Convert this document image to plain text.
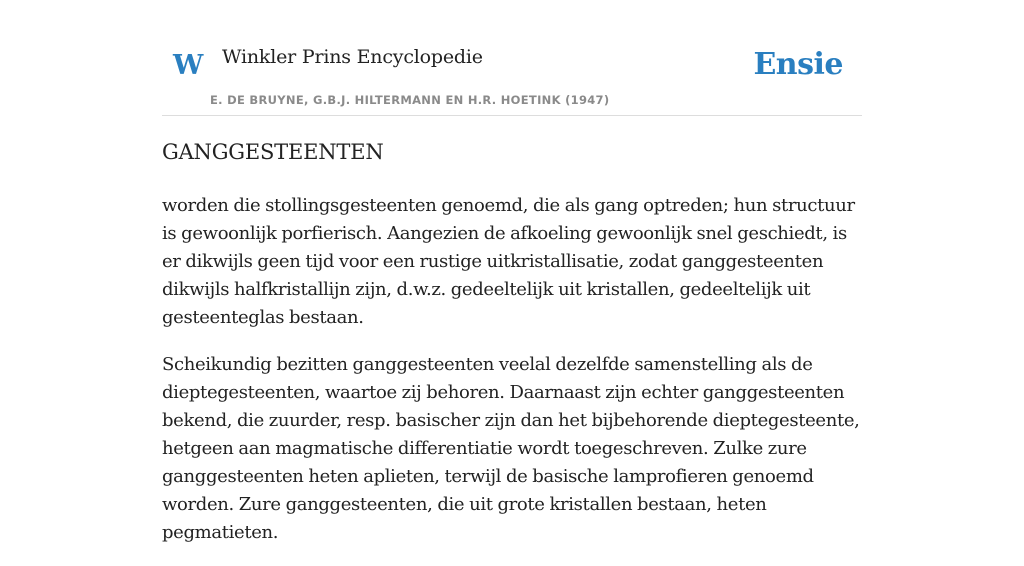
W Winkler Prins Encyclopedie
E. DE BRUYNE, G.B.J. HILTERMANN EN H.R. HOETINK (1947)
Ensie
GANGGESTEENTEN

worden die stollingsgesteenten genoemd, die als gang optreden; hun structuur is gewoonlijk porfierisch. Aangezien de afkoeling gewoonlijk snel geschiedt, is er dikwijls geen tijd voor een rustige uitkristallisatie, zodat ganggesteenten dikwijls halfkristallijn zijn, d.w.z. gedeeltelijk uit kristallen, gedeeltelijk uit gesteenteglas bestaan.

Scheikundig bezitten ganggesteenten veelal dezelfde samenstelling als de dieptegesteenten, waartoe zij behoren. Daarnaast zijn echter ganggesteenten bekend, die zuurder, resp. basischer zijn dan het bijbehorende dieptegesteente, hetgeen aan magmatische differentiatie wordt toegeschreven. Zulke zure ganggesteenten heten aplieten, terwijl de basische lamprofieren genoemd worden. Zure ganggesteenten, die uit grote kristallen bestaan, heten pegmatieten.
